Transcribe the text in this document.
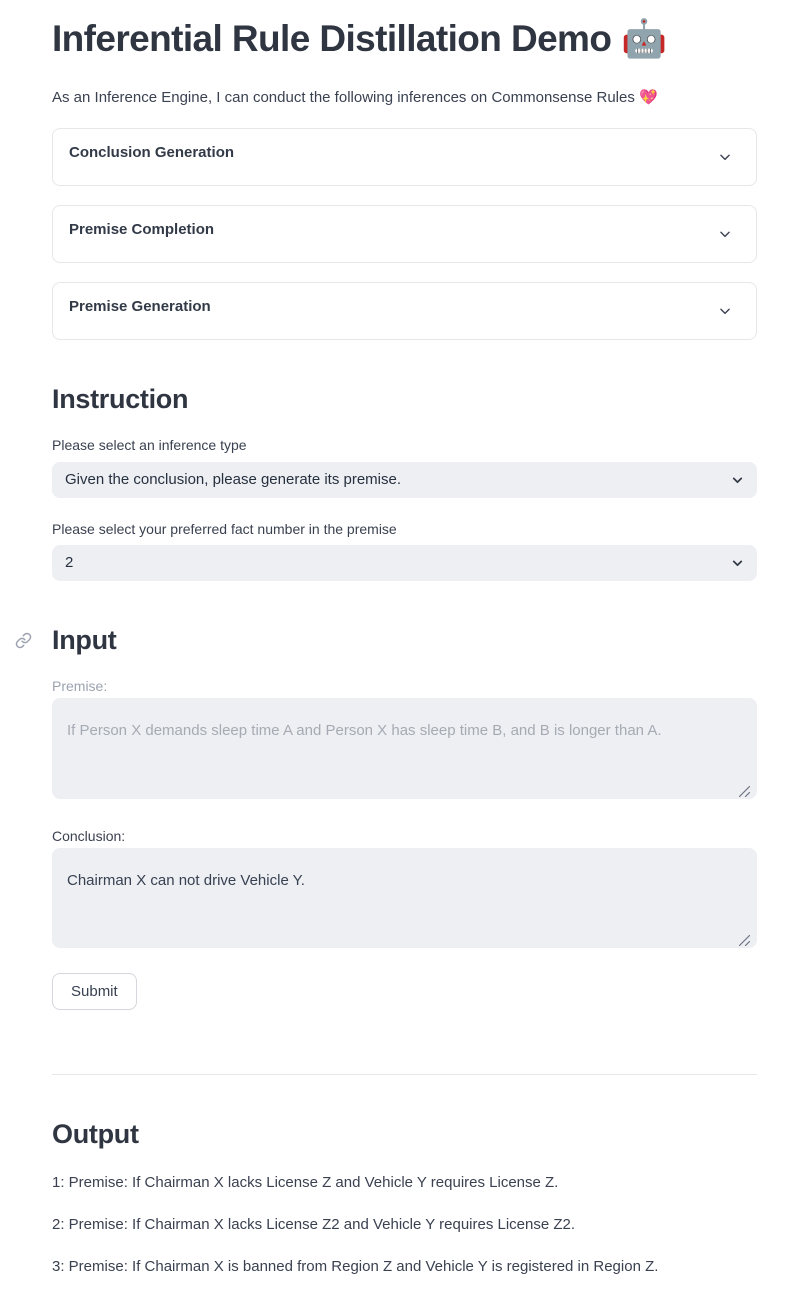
Inferential Rule Distillation Demo 🤖
As an Inference Engine, I can conduct the following inferences on Commonsense Rules 💖
Conclusion Generation
Premise Completion
Premise Generation
Instruction
Please select an inference type
Given the conclusion, please generate its premise.
Please select your preferred fact number in the premise
2
Input
Premise:
If Person X demands sleep time A and Person X has sleep time B, and B is longer than A.
Conclusion:
Chairman X can not drive Vehicle Y.
Submit
Output

1: Premise: If Chairman X lacks License Z and Vehicle Y requires License Z.

2: Premise: If Chairman X lacks License Z2 and Vehicle Y requires License Z2.

3: Premise: If Chairman X is banned from Region Z and Vehicle Y is registered in Region Z.
